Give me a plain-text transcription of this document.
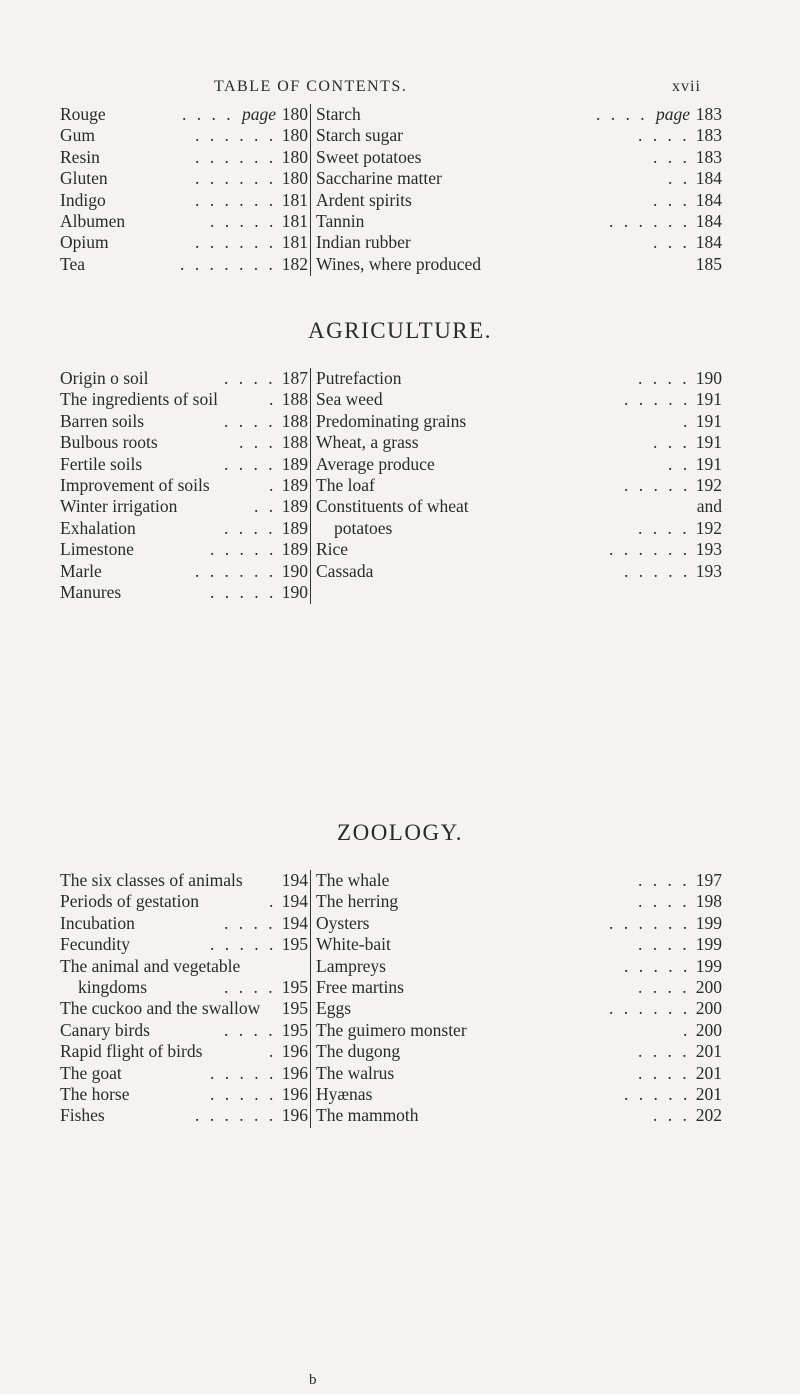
TABLE OF CONTENTS.	xvii
Rouge	. . . . page 180
Gum	. . . . . . 180
Resin	. . . . . . 180
Gluten	. . . . . . 180
Indigo	. . . . . . 181
Albumen	. . . . . 181
Opium	. . . . . . 181
Tea	. . . . . . . 182
Starch	. . . . page 183
Starch sugar	. . . . 183
Sweet potatoes	. . . 183
Saccharine matter	. . 184
Ardent spirits	. . . 184
Tannin	. . . . . . 184
Indian rubber	. . . 184
Wines, where produced	185
AGRICULTURE.
Origin o soil	. . . . 187
The ingredients of soil	. 188
Barren soils	. . . . 188
Bulbous roots	. . . 188
Fertile soils	. . . . 189
Improvement of soils	. 189
Winter irrigation	. . 189
Exhalation	. . . . 189
Limestone	. . . . . 189
Marle	. . . . . . 190
Manures	. . . . . 190
Putrefaction	. . . . 190
Sea weed	. . . . . 191
Predominating grains	. 191
Wheat, a grass	. . . 191
Average produce	. . 191
The loaf	. . . . . 192
Constituents of wheat	and
potatoes	. . . . 192
Rice	. . . . . . 193
Cassada	. . . . . 193
ZOOLOGY.
The six classes of animals 194
Periods of gestation	. 194
Incubation	. . . . 194
Fecundity	. . . . . 195
The animal and vegetable
kingdoms	. . . . 195
The cuckoo and the swallow 195
Canary birds	. . . . 195
Rapid flight of birds	. 196
The goat	. . . . . 196
The horse	. . . . . 196
Fishes	. . . . . . 196
The whale	. . . . 197
The herring	. . . . 198
Oysters	. . . . . . 199
White-bait	. . . . 199
Lampreys	. . . . . 199
Free martins	. . . . 200
Eggs	. . . . . . 200
The guimero monster	. 200
The dugong	. . . . 201
The walrus	. . . . 201
Hyænas	. . . . . 201
The mammoth	. . . 202
b
